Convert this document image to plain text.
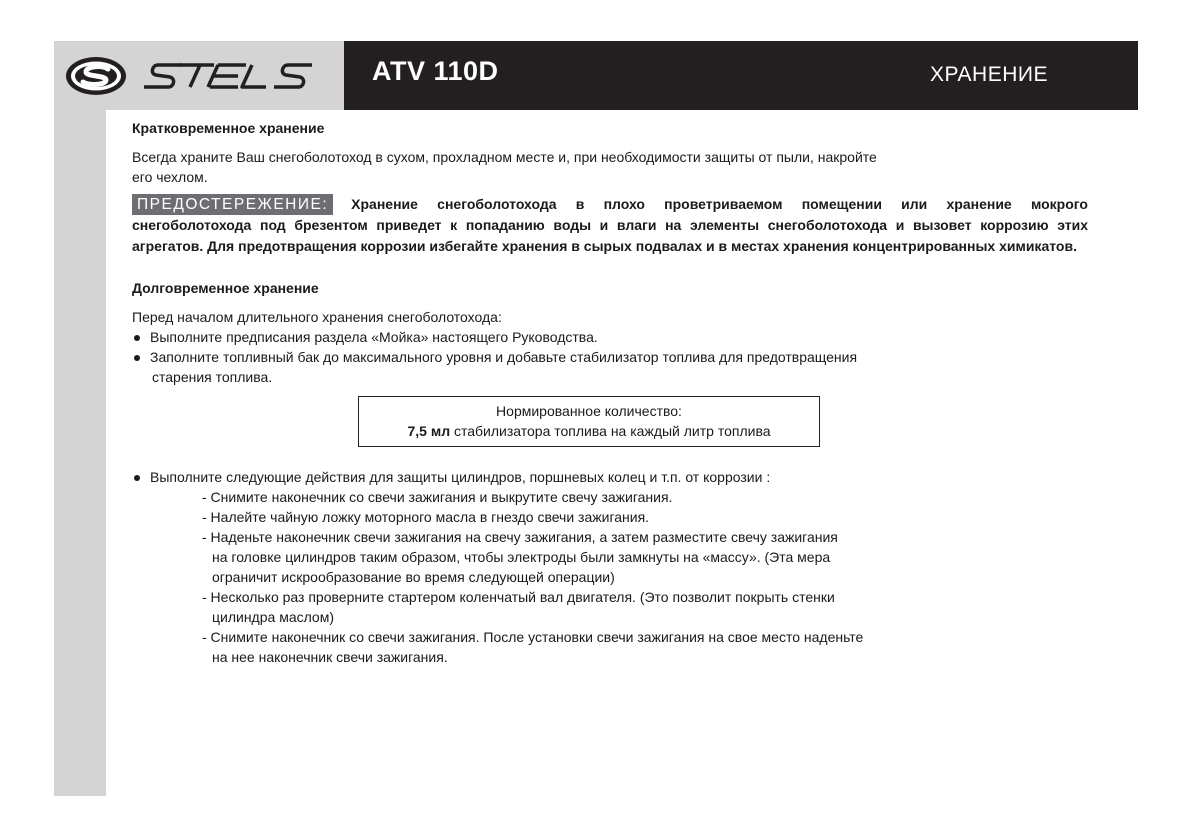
ATV 110D	ХРАНЕНИЕ
Кратковременное хранение
Всегда храните Ваш снегоболотоход в сухом, прохладном месте и, при необходимости защиты от пыли, накройте
его чехлом.
ПРЕДОСТЕРЕЖЕНИЕ: Хранение снегоболотохода в плохо проветриваемом помещении или хранение мокрого снегоболотохода под брезентом приведет к попаданию воды и влаги на элементы снегоболотохода и вызовет коррозию этих агрегатов. Для предотвращения коррозии избегайте хранения в сырых подвалах и в местах хранения концентрированных химикатов.
Долговременное хранение
Перед началом длительного хранения снегоболотохода:
Выполните предписания раздела «Мойка» настоящего Руководства.
Заполните топливный бак до максимального уровня и добавьте стабилизатор топлива для предотвращения
старения топлива.
Нормированное количество:
7,5 мл стабилизатора топлива на каждый литр топлива
Выполните следующие действия для защиты цилиндров, поршневых колец и т.п. от коррозии :
- Снимите наконечник со свечи зажигания и выкрутите свечу зажигания.
- Налейте чайную ложку моторного масла в гнездо свечи зажигания.
- Наденьте наконечник свечи зажигания на свечу зажигания, а затем разместите свечу зажигания
на головке цилиндров таким образом, чтобы электроды были замкнуты на «массу». (Эта мера
ограничит искрообразование во время следующей операции)
- Несколько раз проверните стартером коленчатый вал двигателя. (Это позволит покрыть стенки
цилиндра маслом)
- Снимите наконечник со свечи зажигания. После установки свечи зажигания на свое место наденьте
на нее наконечник свечи зажигания.
